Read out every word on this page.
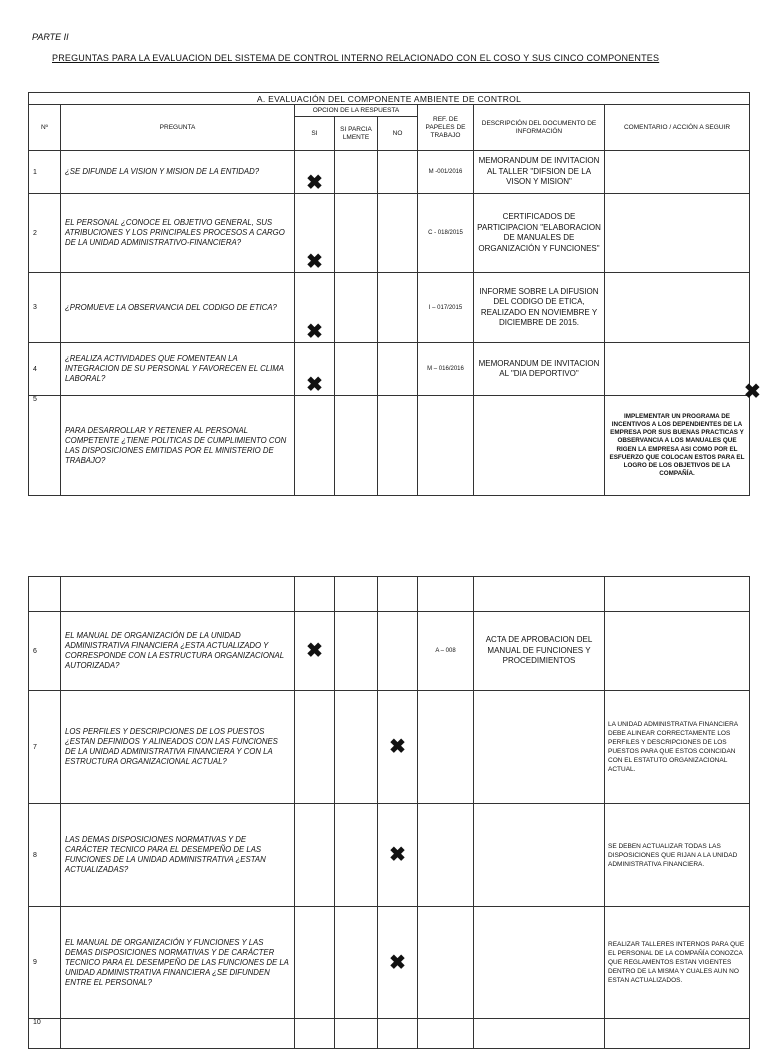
PARTE II
PREGUNTAS PARA LA EVALUACION DEL SISTEMA DE CONTROL INTERNO RELACIONADO CON EL COSO Y SUS CINCO COMPONENTES
A. EVALUACIÓN DEL COMPONENTE AMBIENTE DE CONTROL							
Nº	PREGUNTA	OPCION DE LA RESPUESTA			REF. DE PAPELES DE TRABAJO	DESCRIPCIÓN DEL DOCUMENTO DE INFORMACIÓN	COMENTARIO / ACCIÓN A SEGUIR
		SI	SI PARCIA LMENTE	NO			
1	¿SE DIFUNDE LA VISION Y MISION DE LA ENTIDAD?	✖			M -001/2016	MEMORANDUM DE INVITACION AL TALLER "DIFSION DE LA VISON Y MISION"	
2	EL PERSONAL ¿CONOCE EL OBJETIVO GENERAL, SUS ATRIBUCIONES Y LOS PRINCIPALES PROCESOS A CARGO DE LA UNIDAD ADMINISTRATIVO-FINANCIERA?	✖			C - 018/2015	CERTIFICADOS DE PARTICIPACION "ELABORACION DE MANUALES DE ORGANIZACIÓN Y FUNCIONES"	
3	¿PROMUEVE LA OBSERVANCIA DEL CODIGO DE ETICA?	✖			I – 017/2015	INFORME SOBRE LA DIFUSION DEL CODIGO DE ETICA, REALIZADO EN NOVIEMBRE Y DICIEMBRE DE 2015.	
4	¿REALIZA ACTIVIDADES QUE FOMENTEAN LA INTEGRACION DE SU PERSONAL Y FAVORECEN EL CLIMA LABORAL?	✖			M – 016/2016	MEMORANDUM DE INVITACION AL "DIA DEPORTIVO"	
5	PARA DESARROLLAR Y RETENER AL PERSONAL COMPETENTE ¿TIENE POLITICAS DE CUMPLIMIENTO CON LAS DISPOSICIONES EMITIDAS POR EL MINISTERIO DE TRABAJO?						IMPLEMENTAR UN PROGRAMA DE INCENTIVOS A LOS DEPENDIENTES DE LA EMPRESA POR SUS BUENAS PRACTICAS Y OBSERVANCIA A LOS MANUALES QUE RIGEN LA EMPRESA ASI COMO POR EL ESFUERZO QUE COLOCAN ESTOS PARA EL LOGRO DE LOS OBJETIVOS DE LA COMPAÑÍA.

6	EL MANUAL DE ORGANIZACIÓN DE LA UNIDAD ADMINISTRATIVA FINANCIERA ¿ESTA ACTUALIZADO Y CORRESPONDE CON LA ESTRUCTURA ORGANIZACIONAL AUTORIZADA?	✖			A – 008	ACTA DE APROBACION DEL MANUAL DE FUNCIONES Y PROCEDIMIENTOS	
7	LOS PERFILES Y DESCRIPCIONES DE LOS PUESTOS ¿ESTAN DEFINIDOS Y ALINEADOS CON LAS FUNCIONES DE LA UNIDAD ADMINISTRATIVA FINANCIERA Y CON LA ESTRUCTURA ORGANIZACIONAL ACTUAL?			✖			LA UNIDAD ADMINISTRATIVA FINANCIERA DEBE ALINEAR CORRECTAMENTE LOS PERFILES Y DESCRIPCIONES DE LOS PUESTOS PARA QUE ESTOS COINCIDAN CON EL ESTATUTO ORGANIZACIONAL ACTUAL.
8	LAS DEMAS DISPOSICIONES NORMATIVAS Y DE CARÁCTER TECNICO PARA EL DESEMPEÑO DE LAS FUNCIONES DE LA UNIDAD ADMINISTRATIVA ¿ESTAN ACTUALIZADAS?			✖			SE DEBEN ACTUALIZAR TODAS LAS DISPOSICIONES QUE RIJAN A LA UNIDAD ADMINISTRATIVA FINANCIERA.
9	EL MANUAL DE ORGANIZACIÓN Y FUNCIONES Y LAS DEMAS DISPOSICIONES NORMATIVAS Y DE CARÁCTER TECNICO PARA EL DESEMPEÑO DE LAS FUNCIONES DE LA UNIDAD ADMINISTRATIVA FINANCIERA ¿SE DIFUNDEN ENTRE EL PERSONAL?			✖			REALIZAR TALLERES INTERNOS PARA QUE EL PERSONAL DE LA COMPAÑÍA CONOZCA QUE REGLAMENTOS ESTAN VIGENTES DENTRO DE LA MISMA Y CUALES AUN NO ESTAN ACTUALIZADOS.
10							
✖
